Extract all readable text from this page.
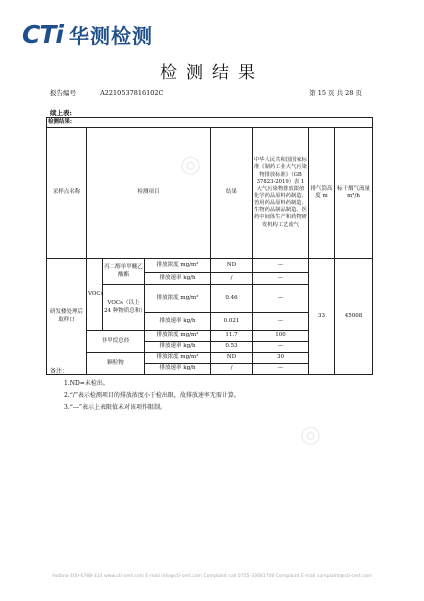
CTi 华测检测
◎
◎
检测结果
报告编号	A2210537816102C	第 15 页 共 28 页
续上表:
检测结果:							
采样点名称	检测项目			结果	中华人民共和国国家标准《制药工业大气污染物排放标准》（GB 37823-2019）表 1 大气污染物排放限值 化学药品原料药制造、兽用药品原料药制造、生物药品制品制造、医药中间体生产和药物研发机构工艺废气	排气筒高度 m	标干烟气流量 m³/h
研发楼处理后取样口	VOCs	丙二醇单甲醚乙酸酯	排放浓度 mg/m³	ND	---	33	45008
			排放速率 kg/h	/	---		
		VOCs（以上 24 种物质总和）	排放浓度 mg/m³	0.46	---		
			排放速率 kg/h	0.021	---		
	非甲烷总烃		排放浓度 mg/m³	11.7	100		
			排放速率 kg/h	0.53	---		
	颗粒物		排放浓度 mg/m³	ND	30		
			排放速率 kg/h	/	---		
备注：
1.ND=未检出。
2.“/”表示检测项目的排放浓度小于检出限，故排放速率无需计算。
3.“---”表示上表限值未对该项作限制。
Hotline 400-6788-333 www.cti-cert.com E-mail info@cti-cert.com Complaint call 0755-33681700 Complaint E-mail complaint@cti-cert.com
